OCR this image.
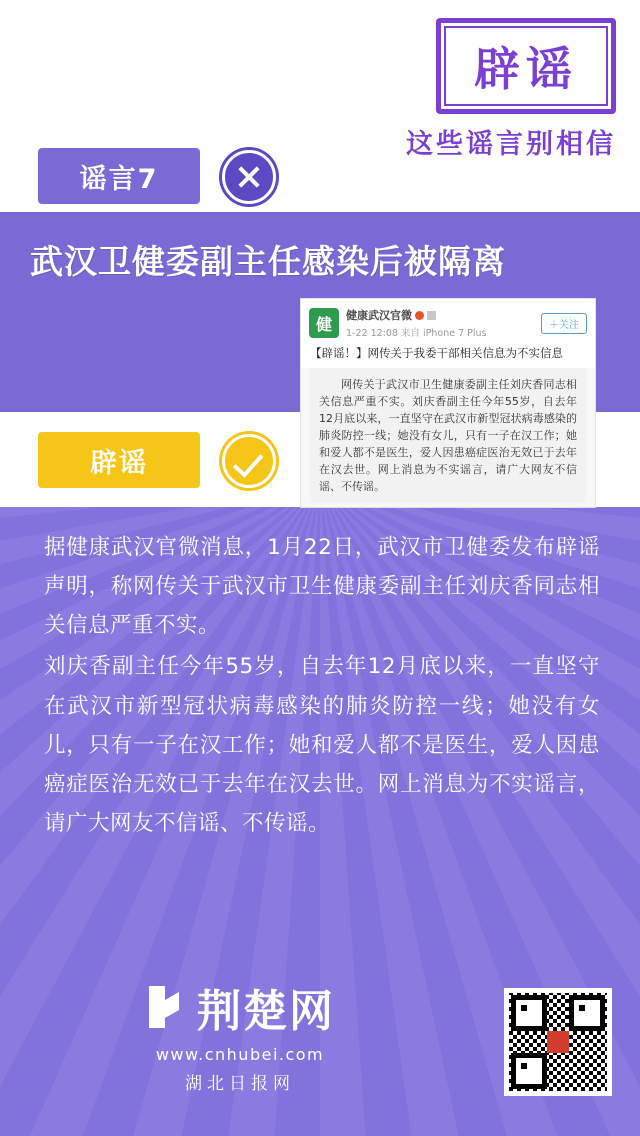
辟谣
这些谣言别相信
谣言7
武汉卫健委副主任感染后被隔离
健
健康武汉官微
1-22 12:08 来自 iPhone 7 Plus
＋关注
【辟谣！】网传关于我委干部相关信息为不实信息
网传关于武汉市卫生健康委副主任刘庆香同志相关信息严重不实。刘庆香副主任今年55岁，自去年12月底以来，一直坚守在武汉市新型冠状病毒感染的肺炎防控一线；她没有女儿，只有一子在汉工作；她和爱人都不是医生，爱人因患癌症医治无效已于去年在汉去世。网上消息为不实谣言，请广大网友不信谣、不传谣。
辟谣

据健康武汉官微消息，1月22日，武汉市卫健委发布辟谣声明，称网传关于武汉市卫生健康委副主任刘庆香同志相关信息严重不实。

刘庆香副主任今年55岁，自去年12月底以来，一直坚守在武汉市新型冠状病毒感染的肺炎防控一线；她没有女儿，只有一子在汉工作；她和爱人都不是医生，爱人因患癌症医治无效已于去年在汉去世。网上消息为不实谣言，请广大网友不信谣、不传谣。

荆楚网
www.cnhubei.com
湖北日报网
